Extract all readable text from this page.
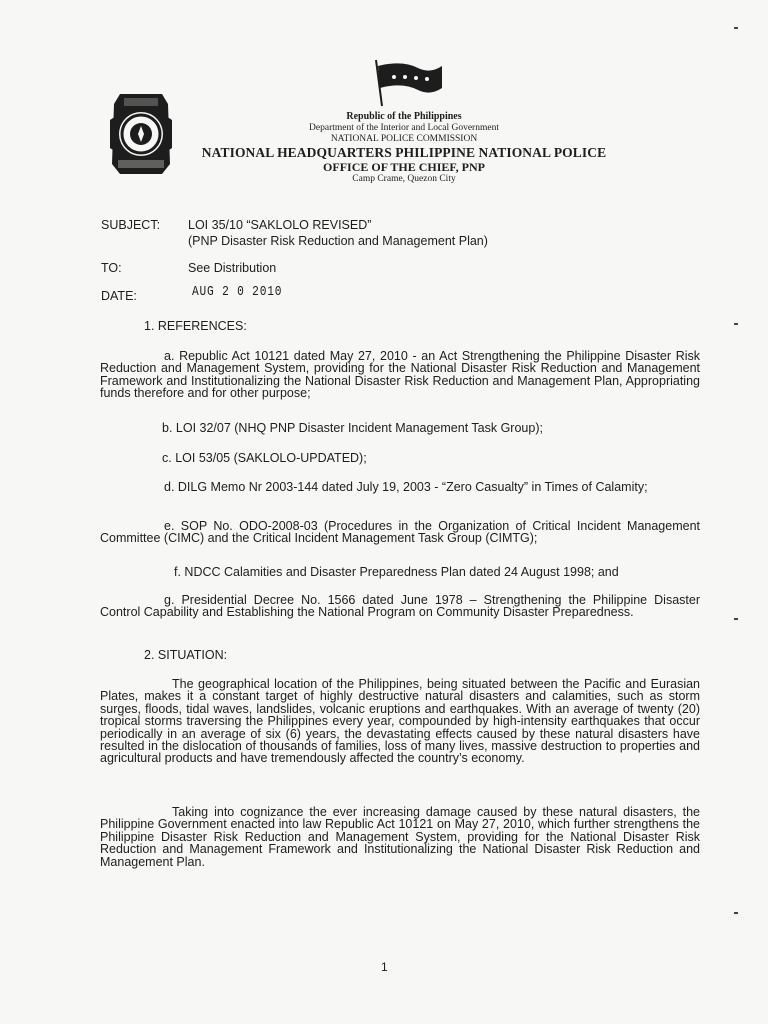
Republic of the Philippines
Department of the Interior and Local Government
NATIONAL POLICE COMMISSION
NATIONAL HEADQUARTERS PHILIPPINE NATIONAL POLICE
OFFICE OF THE CHIEF, PNP
Camp Crame, Quezon City
SUBJECT: LOI 35/10 “SAKLOLO REVISED”
(PNP Disaster Risk Reduction and Management Plan)
TO:	See Distribution
DATE:	AUG 2 0 2010
1. REFERENCES:
a. Republic Act 10121 dated May 27, 2010 - an Act Strengthening the Philippine Disaster Risk Reduction and Management System, providing for the National Disaster Risk Reduction and Management Framework and Institutionalizing the National Disaster Risk Reduction and Management Plan, Appropriating funds therefore and for other purpose;
b. LOI 32/07 (NHQ PNP Disaster Incident Management Task Group);
c. LOI 53/05 (SAKLOLO-UPDATED);
d. DILG Memo Nr 2003-144 dated July 19, 2003 - “Zero Casualty” in Times of Calamity;
e. SOP No. ODO-2008-03 (Procedures in the Organization of Critical Incident Management Committee (CIMC) and the Critical Incident Management Task Group (CIMTG);
f. NDCC Calamities and Disaster Preparedness Plan dated 24 August 1998; and
g. Presidential Decree No. 1566 dated June 1978 – Strengthening the Philippine Disaster Control Capability and Establishing the National Program on Community Disaster Preparedness.
2. SITUATION:
The geographical location of the Philippines, being situated between the Pacific and Eurasian Plates, makes it a constant target of highly destructive natural disasters and calamities, such as storm surges, floods, tidal waves, landslides, volcanic eruptions and earthquakes. With an average of twenty (20) tropical storms traversing the Philippines every year, compounded by high-intensity earthquakes that occur periodically in an average of six (6) years, the devastating effects caused by these natural disasters have resulted in the dislocation of thousands of families, loss of many lives, massive destruction to properties and agricultural products and have tremendously affected the country’s economy.
Taking into cognizance the ever increasing damage caused by these natural disasters, the Philippine Government enacted into law Republic Act 10121 on May 27, 2010, which further strengthens the Philippine Disaster Risk Reduction and Management System, providing for the National Disaster Risk Reduction and Management Framework and Institutionalizing the National Disaster Risk Reduction and Management Plan.
1
